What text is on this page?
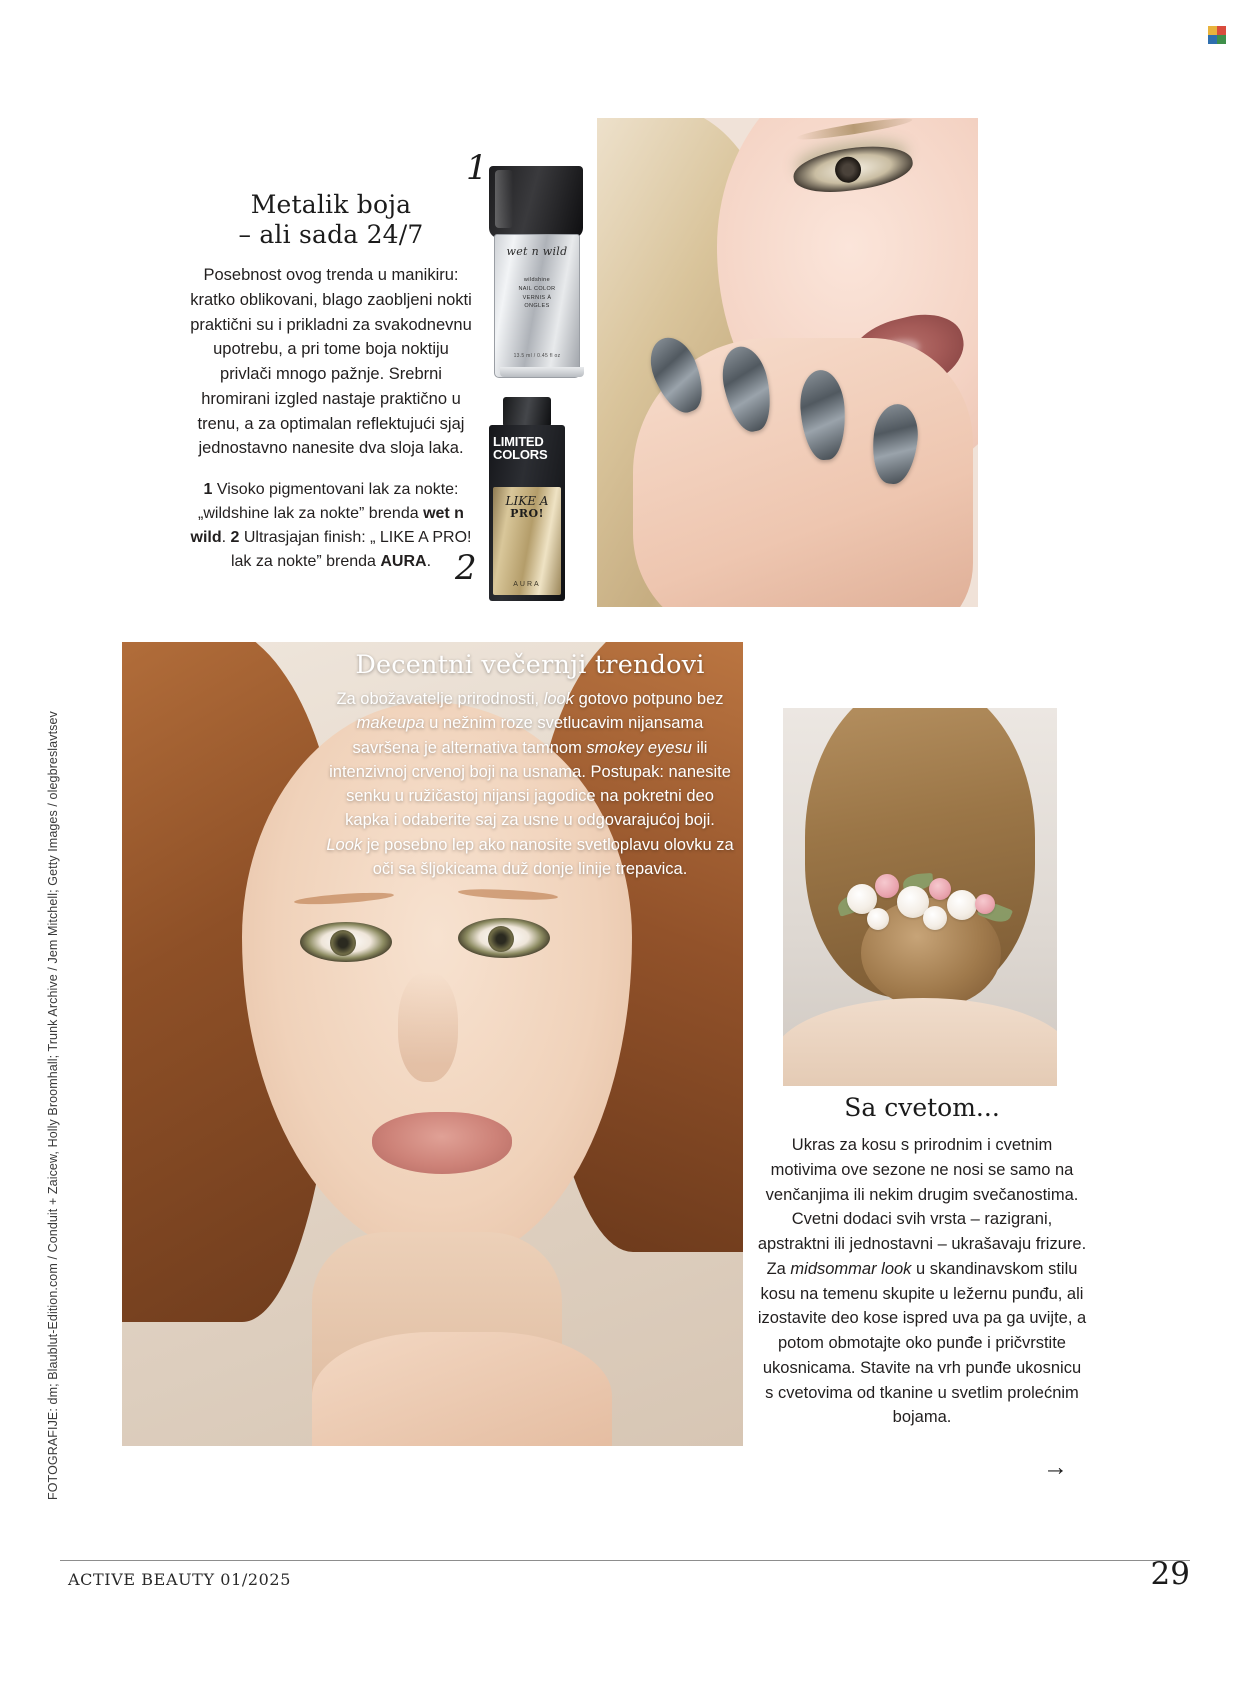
FOTOGRAFIJE: dm; Blaublut-Edition.com / Conduit + Zaicew, Holly Broomhall; Trunk Archive / Jem Mitchell; Getty Images / olegbreslavtsev
1
2
Metalik boja
– ali sada 24/7

Posebnost ovog trenda u manikiru: kratko oblikovani, blago zaobljeni nokti praktični su i prikladni za svakodnevnu upotrebu, a pri tome boja noktiju privlači mnogo pažnje. Srebrni hromirani izgled nastaje praktično u trenu, a za optimalan reflektujući sjaj jednostavno nanesite dva sloja laka.

1 Visoko pigmentovani lak za nokte: „wildshine lak za nokte” brenda wet n wild. 2 Ultrasjajan finish: „ LIKE A PRO! lak za nokte” brenda AURA.

wet n wild
wildshine
NAIL COLOR
VERNIS À
ONGLES
13.5 ml / 0.45 fl oz
LIMITED
COLORS
LIKE A
PRO!
AURA
Decentni večernji trendovi

Za obožavatelje prirodnosti, look gotovo potpuno bez makeupa u nežnim roze svetlucavim nijansama savršena je alternativa tamnom smokey eyesu ili intenzivnoj crvenoj boji na usnama. Postupak: nanesite senku u ružičastoj nijansi jagodice na pokretni deo kapka i odaberite saj za usne u odgovarajućoj boji. Look je posebno lep ako nanosite svetloplavu olovku za oči sa šljokicama duž donje linije trepavica.

Sa cvetom...

Ukras za kosu s prirodnim i cvetnim motivima ove sezone ne nosi se samo na venčanjima ili nekim drugim svečanostima. Cvetni dodaci svih vrsta – razigrani, apstraktni ili jednostavni – ukrašavaju frizure. Za midsommar look u skandinavskom stilu kosu na temenu skupite u ležernu punđu, ali izostavite deo kose ispred uva pa ga uvijte, a potom obmotajte oko punđe i pričvrstite ukosnicama. Stavite na vrh punđe ukosnicu s cvetovima od tkanine u svetlim prolećnim bojama.

→
ACTIVE BEAUTY 01/2025	29
